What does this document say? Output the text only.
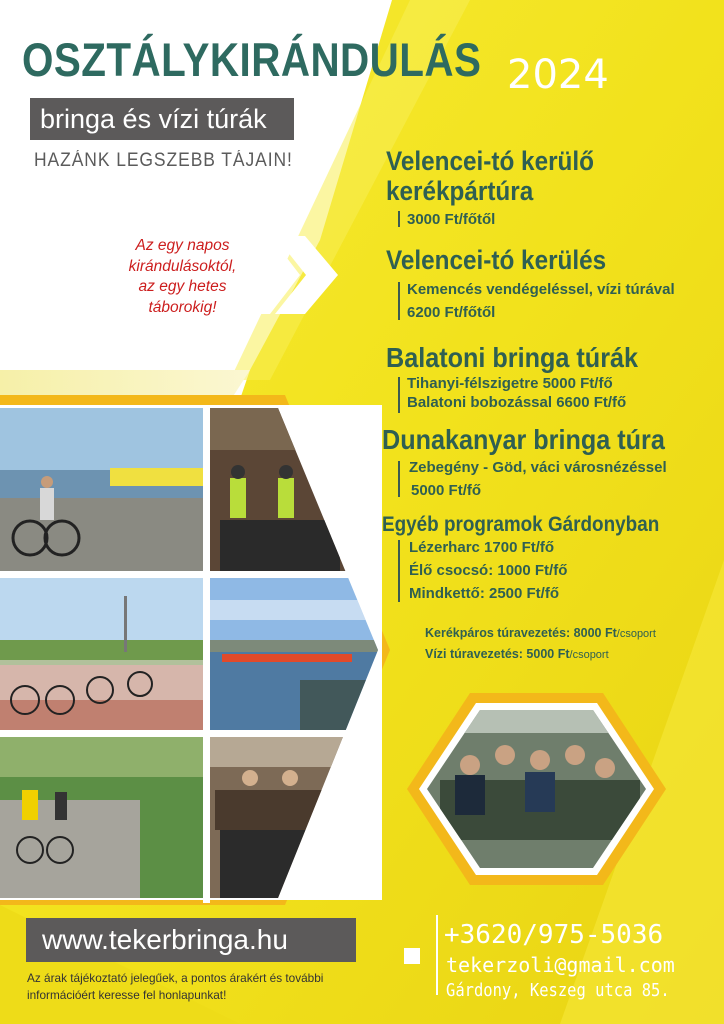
OSZTÁLYKIRÁNDULÁS 2024
bringa és vízi túrák
HAZÁNK LEGSZEBB TÁJAIN!
Az egy napos
kirándulásoktól,
az egy hetes
táborokig!
Velencei-tó kerülő
kerékpártúra
3000 Ft/főtől
Velencei-tó kerülés
Kemencés vendégeléssel, vízi túrával
6200 Ft/főtől
Balatoni bringa túrák
Tihanyi-félszigetre 5000 Ft/fő
Balatoni bobozással 6600 Ft/fő
Dunakanyar bringa túra
Zebegény - Göd, váci városnézéssel
5000 Ft/fő
Egyéb programok Gárdonyban
Lézerharc 1700 Ft/fő
Élő csocsó: 1000 Ft/fő
Mindkettő: 2500 Ft/fő
Kerékpáros túravezetés: 8000 Ft/csoport
Vízi túravezetés: 5000 Ft/csoport
www.tekerbringa.hu
Az árak tájékoztató jelegűek, a pontos árakért és további információért keresse fel honlapunkat!
+3620/975-5036
tekerzoli@gmail.com
Gárdony, Keszeg utca 85.
